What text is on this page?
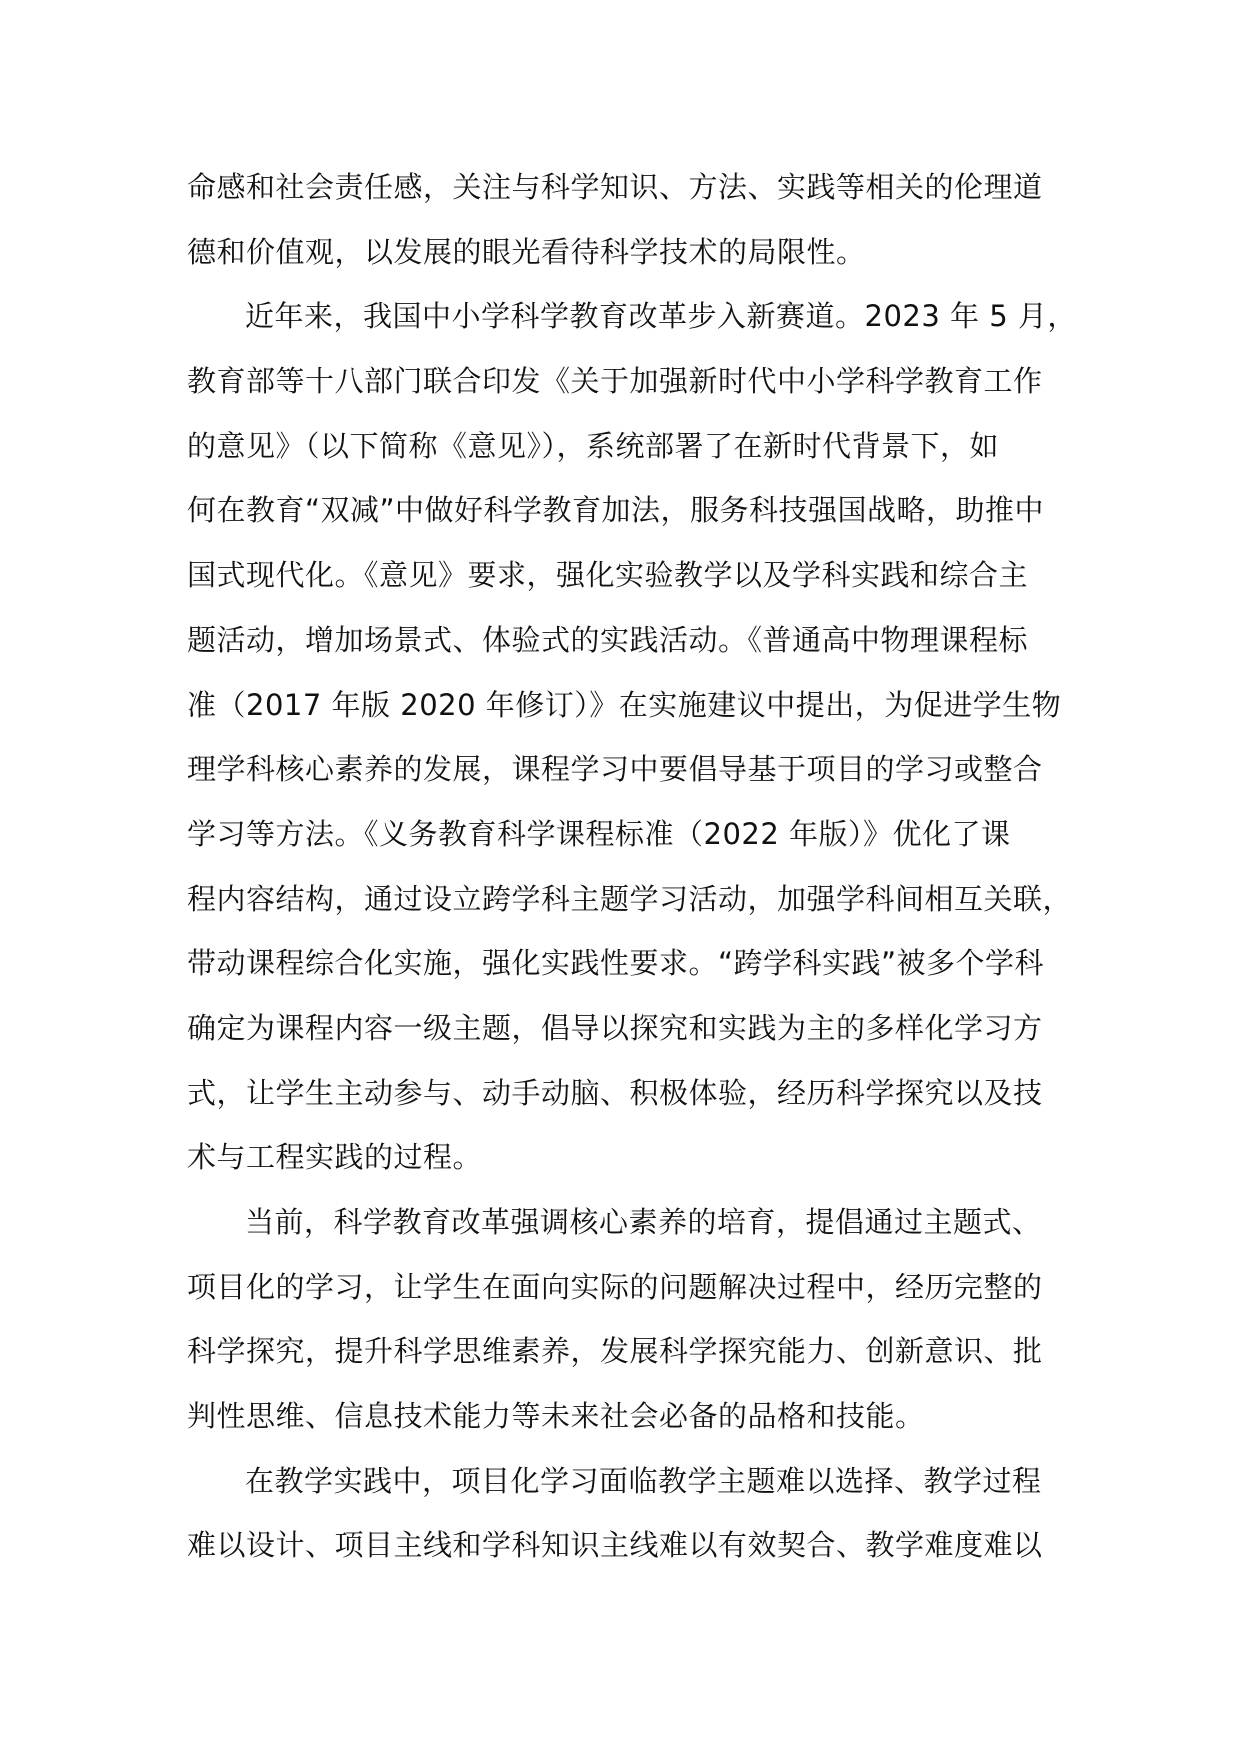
命感和社会责任感，关注与科学知识、方法、实践等相关的伦理道
德和价值观，以发展的眼光看待科学技术的局限性。
近年来，我国中小学科学教育改革步入新赛道。2023 年 5 月，
教育部等十八部门联合印发《关于加强新时代中小学科学教育工作
的意见》（以下简称《意见》），系统部署了在新时代背景下，如
何在教育“双减”中做好科学教育加法，服务科技强国战略，助推中
国式现代化。《意见》要求，强化实验教学以及学科实践和综合主
题活动，增加场景式、体验式的实践活动。《普通高中物理课程标
准（2017 年版 2020 年修订）》在实施建议中提出，为促进学生物
理学科核心素养的发展，课程学习中要倡导基于项目的学习或整合
学习等方法。《义务教育科学课程标准（2022 年版）》优化了课
程内容结构，通过设立跨学科主题学习活动，加强学科间相互关联，
带动课程综合化实施，强化实践性要求。“跨学科实践”被多个学科
确定为课程内容一级主题，倡导以探究和实践为主的多样化学习方
式，让学生主动参与、动手动脑、积极体验，经历科学探究以及技
术与工程实践的过程。
当前，科学教育改革强调核心素养的培育，提倡通过主题式、
项目化的学习，让学生在面向实际的问题解决过程中，经历完整的
科学探究，提升科学思维素养，发展科学探究能力、创新意识、批
判性思维、信息技术能力等未来社会必备的品格和技能。
在教学实践中，项目化学习面临教学主题难以选择、教学过程
难以设计、项目主线和学科知识主线难以有效契合、教学难度难以
